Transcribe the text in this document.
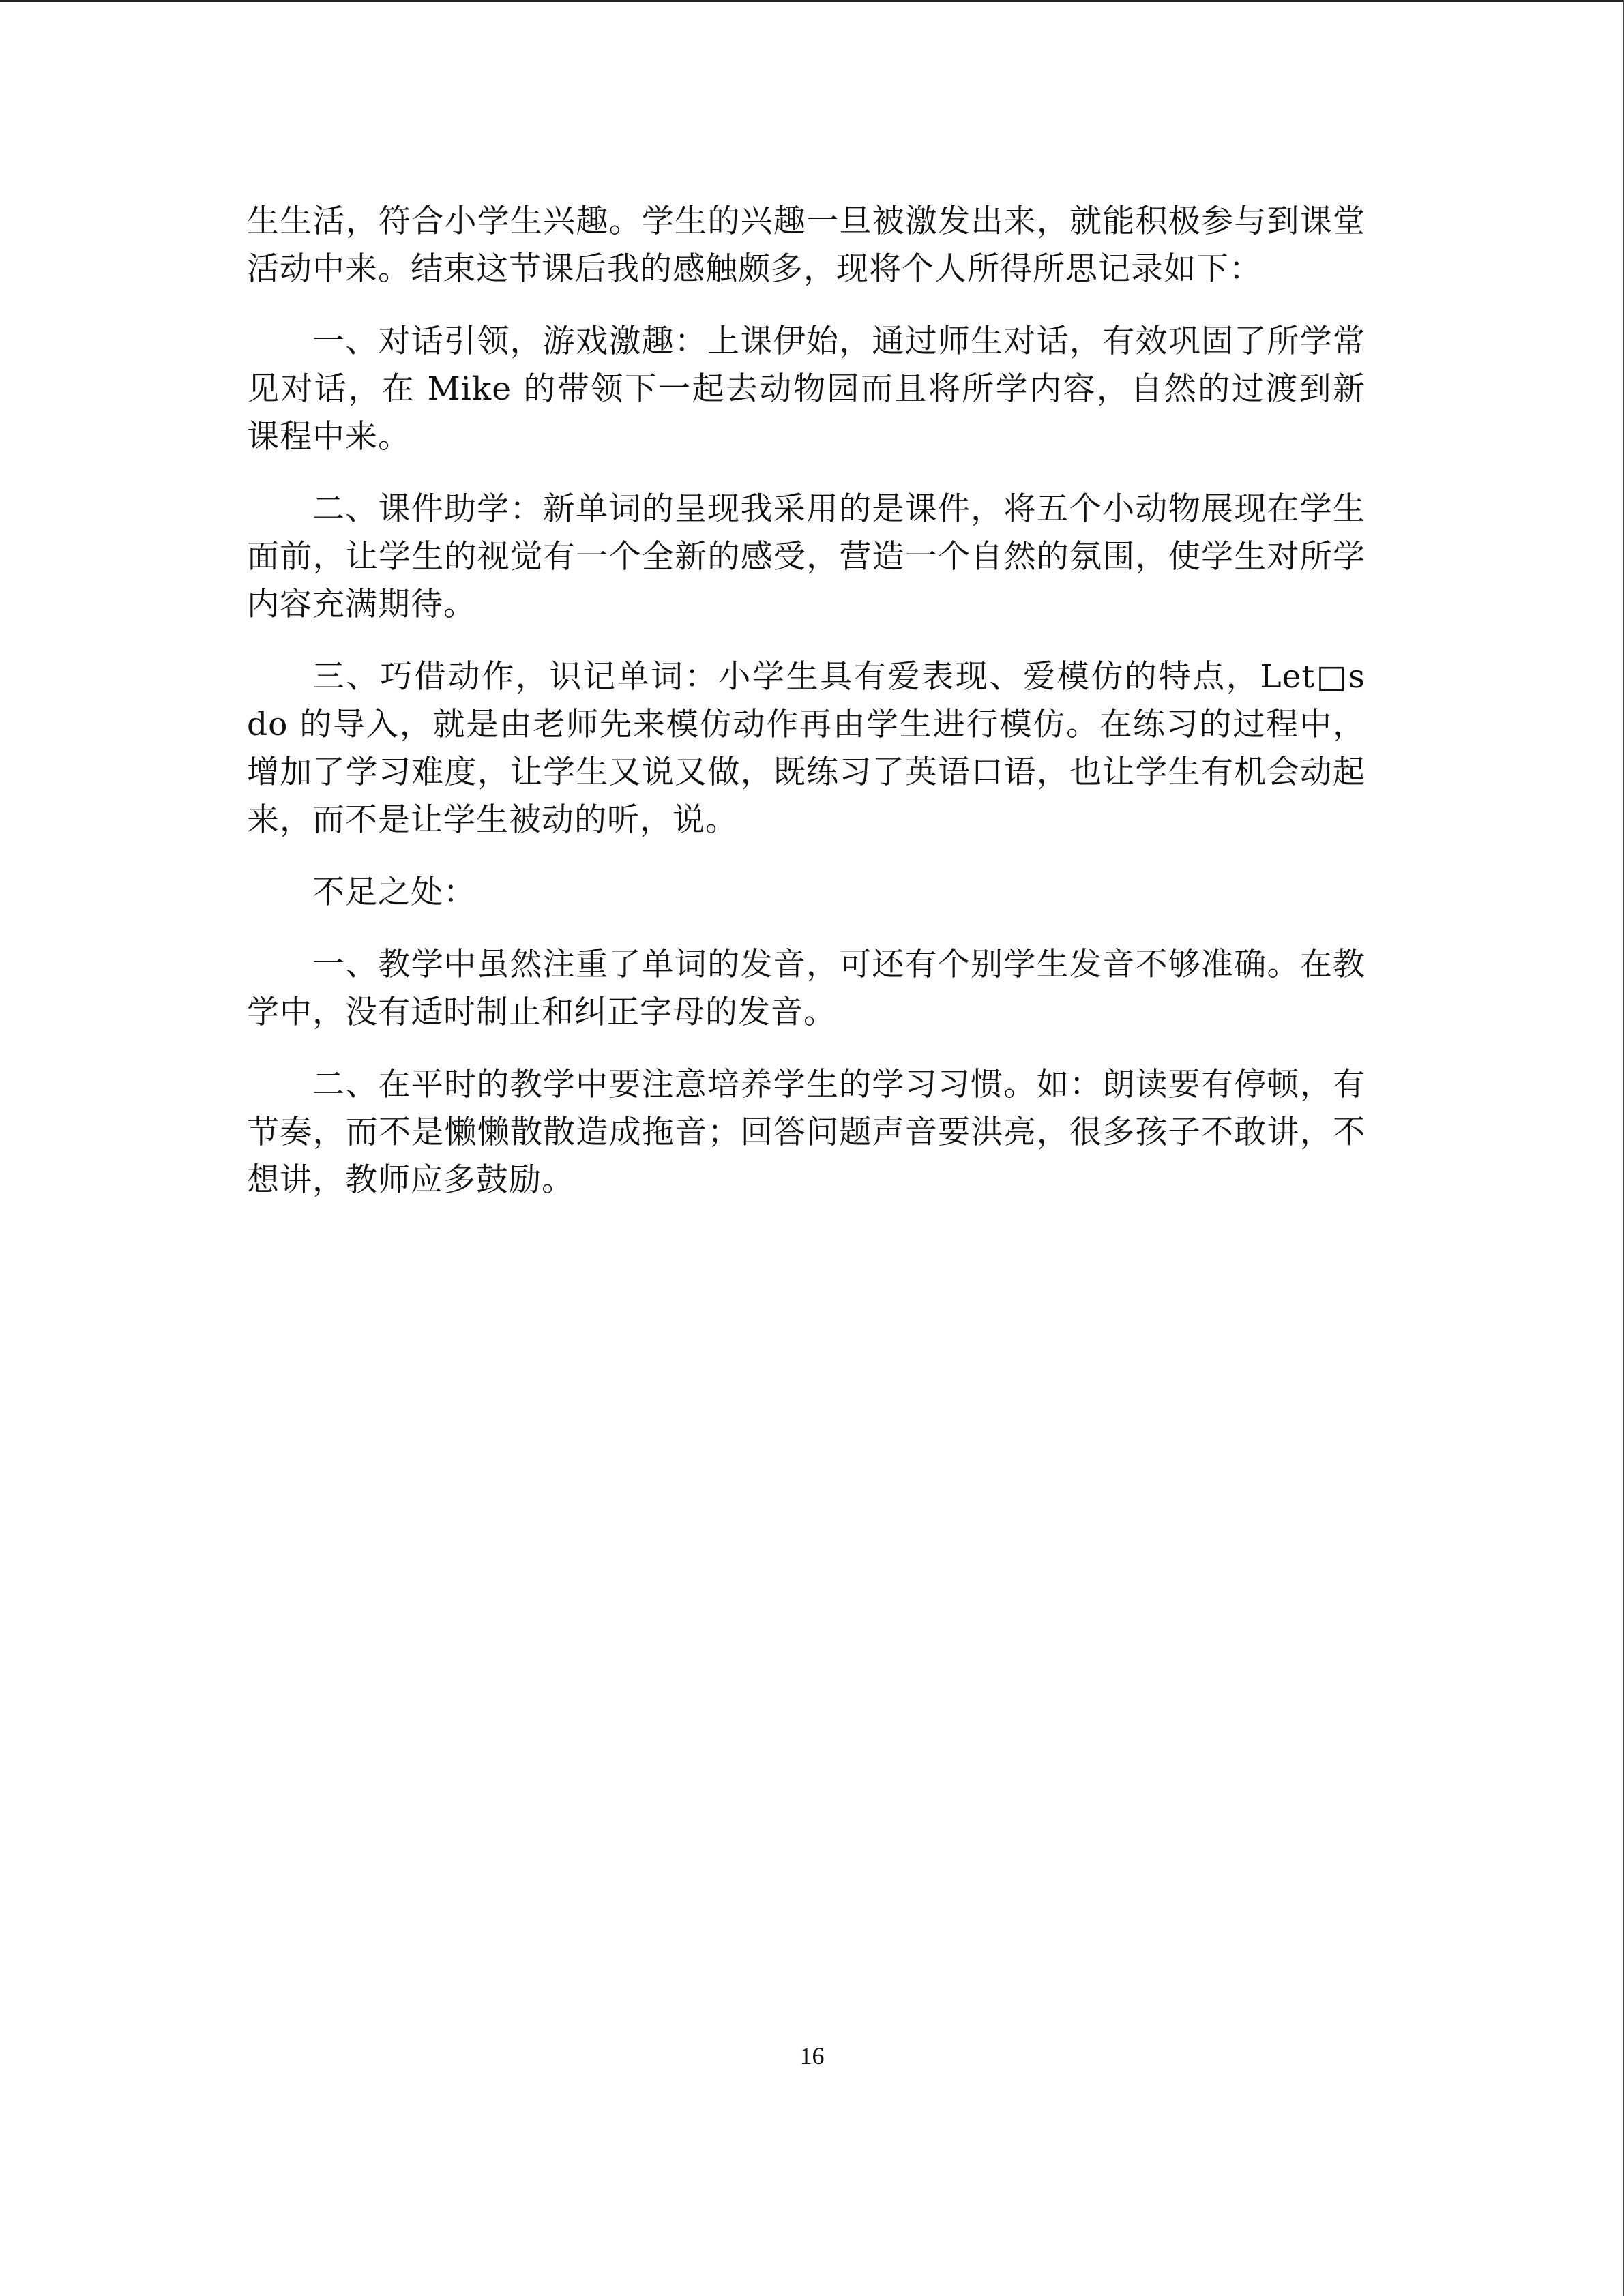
生生活，符合小学生兴趣。学生的兴趣一旦被激发出来，就能积极参与到课堂活动中来。结束这节课后我的感触颇多，现将个人所得所思记录如下：

一、对话引领，游戏激趣：上课伊始，通过师生对话，有效巩固了所学常见对话，在 Mike 的带领下一起去动物园而且将所学内容，自然的过渡到新课程中来。

二、课件助学：新单词的呈现我采用的是课件，将五个小动物展现在学生面前，让学生的视觉有一个全新的感受，营造一个自然的氛围，使学生对所学内容充满期待。

三、巧借动作，识记单词：小学生具有爱表现、爱模仿的特点，Let□s do 的导入，就是由老师先来模仿动作再由学生进行模仿。在练习的过程中，增加了学习难度，让学生又说又做，既练习了英语口语，也让学生有机会动起来，而不是让学生被动的听，说。

不足之处：

一、教学中虽然注重了单词的发音，可还有个别学生发音不够准确。在教学中，没有适时制止和纠正字母的发音。

二、在平时的教学中要注意培养学生的学习习惯。如：朗读要有停顿，有节奏，而不是懒懒散散造成拖音；回答问题声音要洪亮，很多孩子不敢讲，不想讲，教师应多鼓励。

16
